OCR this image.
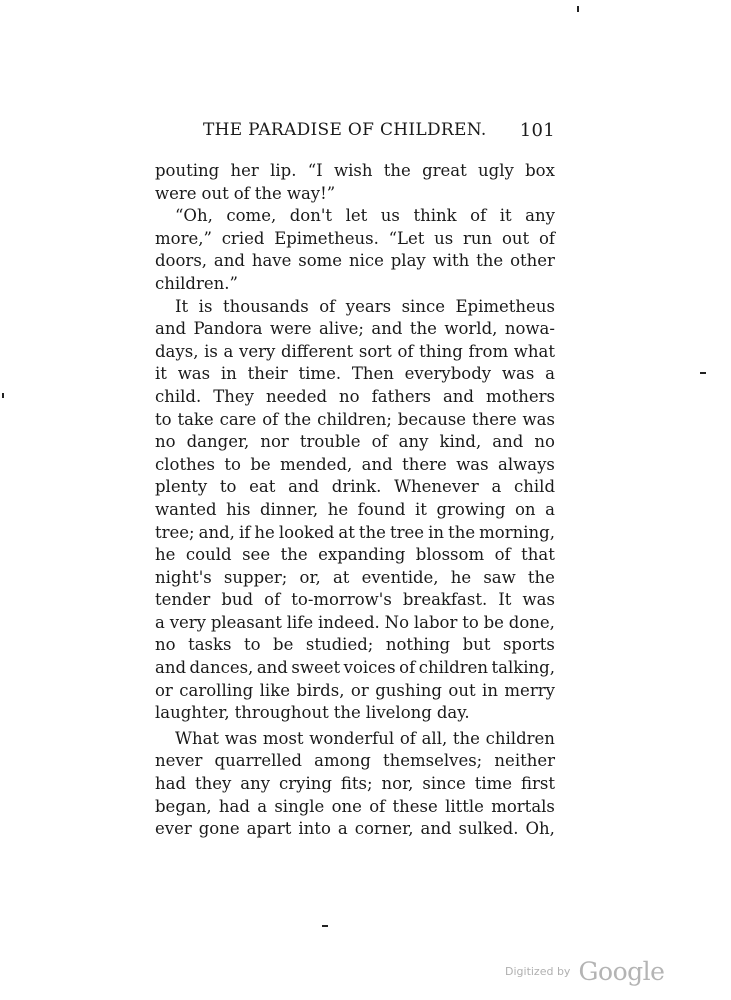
THE PARADISE OF CHILDREN. 101
pouting her lip. “I wish the great ugly box
were out of the way!”
“Oh, come, don't let us think of it any
more,” cried Epimetheus. “Let us run out of
doors, and have some nice play with the other
children.”
It is thousands of years since Epimetheus
and Pandora were alive; and the world, nowa-
days, is a very different sort of thing from what
it was in their time. Then everybody was a
child. They needed no fathers and mothers
to take care of the children; because there was
no danger, nor trouble of any kind, and no
clothes to be mended, and there was always
plenty to eat and drink. Whenever a child
wanted his dinner, he found it growing on a
tree; and, if he looked at the tree in the morning,
he could see the expanding blossom of that
night's supper; or, at eventide, he saw the
tender bud of to-morrow's breakfast. It was
a very pleasant life indeed. No labor to be done,
no tasks to be studied; nothing but sports
and dances, and sweet voices of children talking,
or carolling like birds, or gushing out in merry
laughter, throughout the livelong day.
What was most wonderful of all, the children
never quarrelled among themselves; neither
had they any crying fits; nor, since time first
began, had a single one of these little mortals
ever gone apart into a corner, and sulked. Oh,
Digitized by Google
